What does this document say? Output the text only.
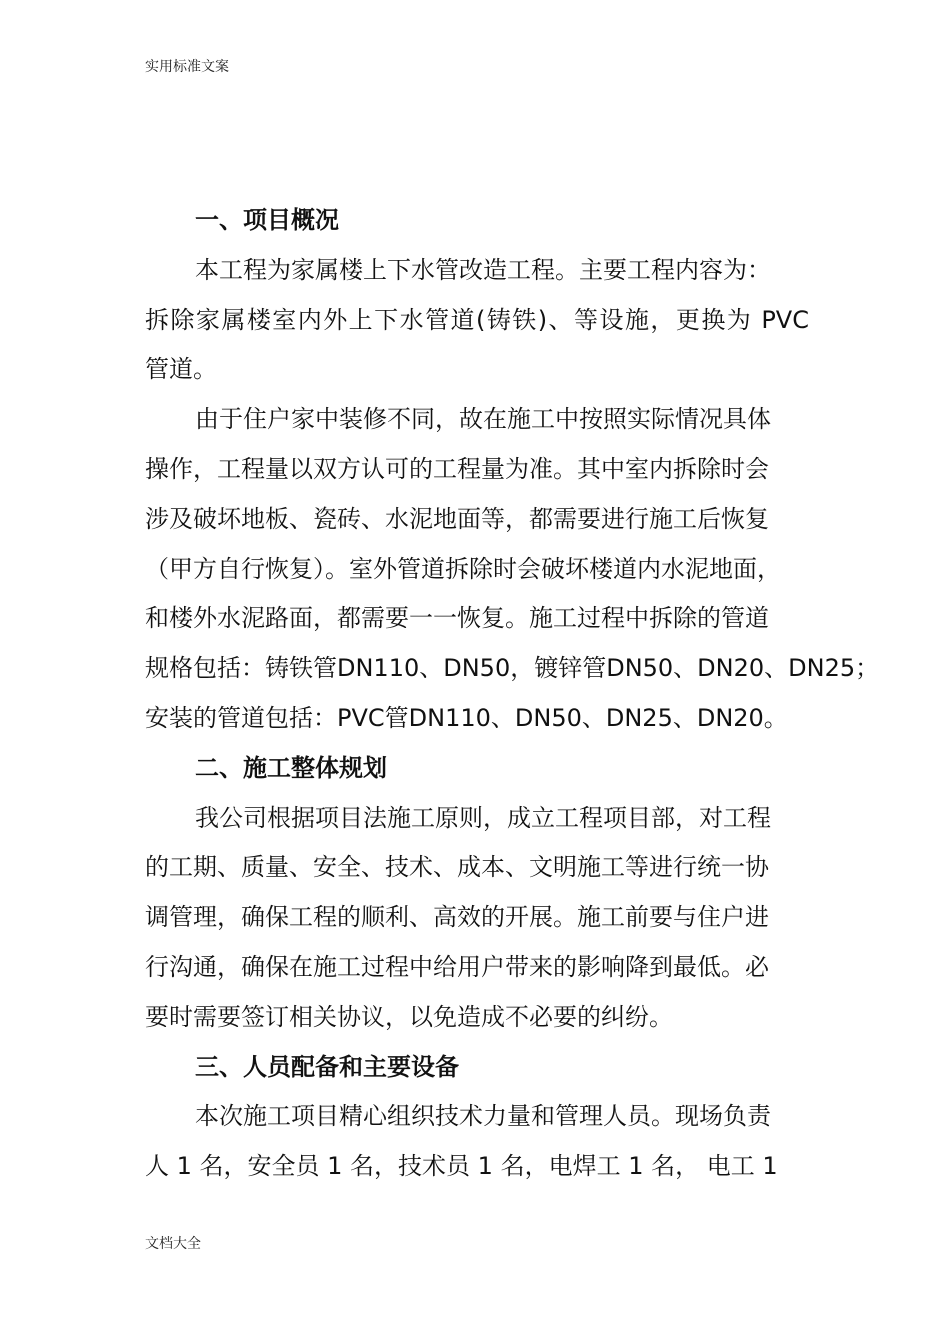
实用标准文案
一、项目概况
本工程为家属楼上下水管改造工程。主要工程内容为：
拆除家属楼室内外上下水管道(铸铁)、等设施，更换为 PVC
管道。
由于住户家中装修不同，故在施工中按照实际情况具体
操作，工程量以双方认可的工程量为准。其中室内拆除时会
涉及破坏地板、瓷砖、水泥地面等，都需要进行施工后恢复
（甲方自行恢复）。室外管道拆除时会破坏楼道内水泥地面，
和楼外水泥路面，都需要一一恢复。施工过程中拆除的管道
规格包括：铸铁管DN110、DN50，镀锌管DN50、DN20、DN25；
安装的管道包括：PVC管DN110、DN50、DN25、DN20。
二、施工整体规划
我公司根据项目法施工原则，成立工程项目部，对工程
的工期、质量、安全、技术、成本、文明施工等进行统一协
调管理，确保工程的顺利、高效的开展。施工前要与住户进
行沟通，确保在施工过程中给用户带来的影响降到最低。必
要时需要签订相关协议，以免造成不必要的纠纷。
三、人员配备和主要设备
本次施工项目精心组织技术力量和管理人员。现场负责
人 1 名，安全员 1 名，技术员 1 名，电焊工 1 名， 电工 1
文档大全
